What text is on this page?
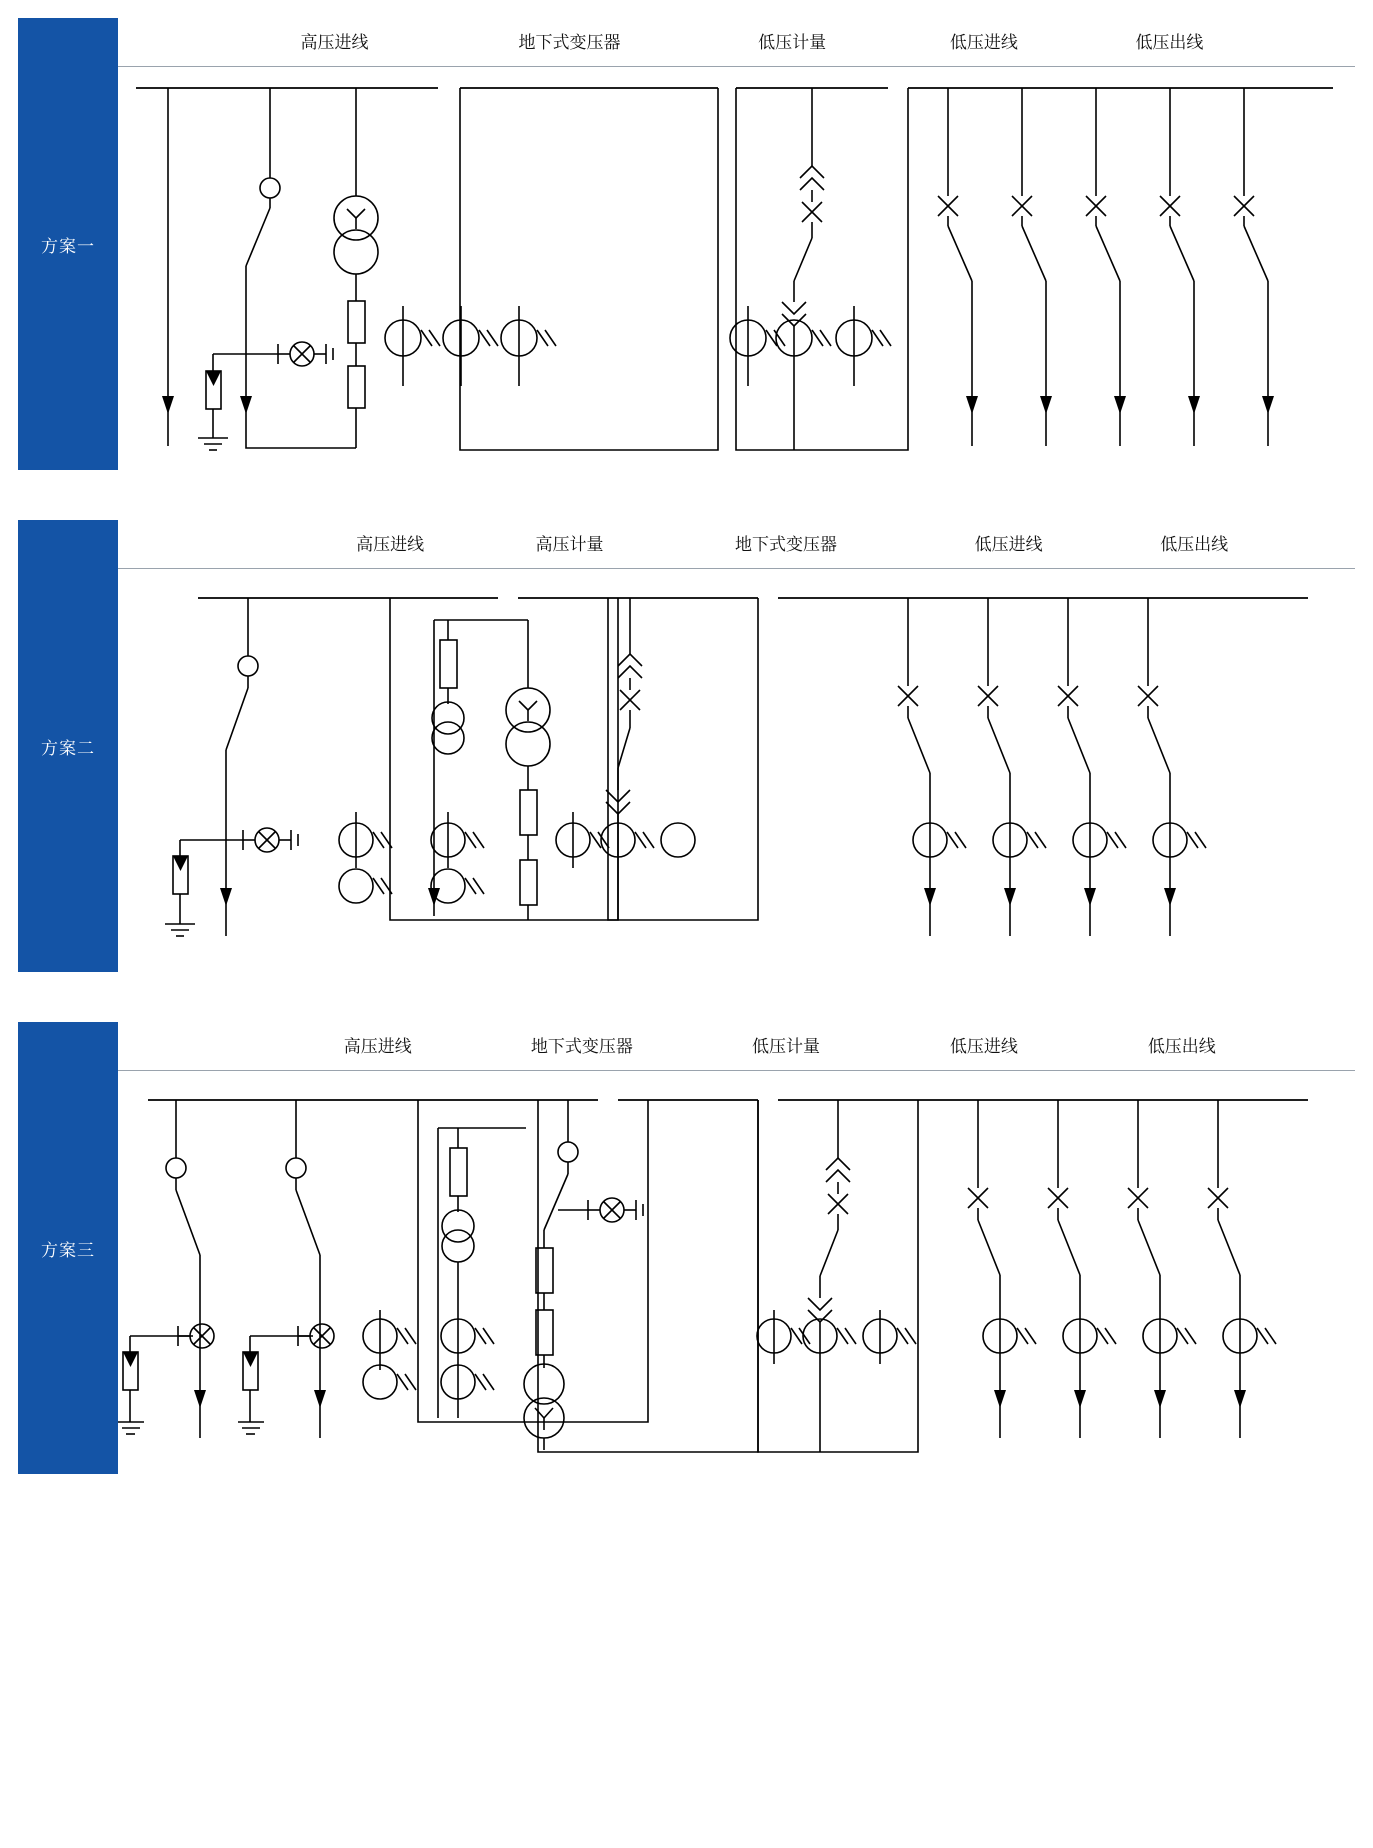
方案一
高压进线	地下式变压器	低压计量	低压进线	低压出线
方案二
高压进线	高压计量	地下式变压器	低压进线	低压出线
方案三
高压进线	地下式变压器	低压计量	低压进线	低压出线
